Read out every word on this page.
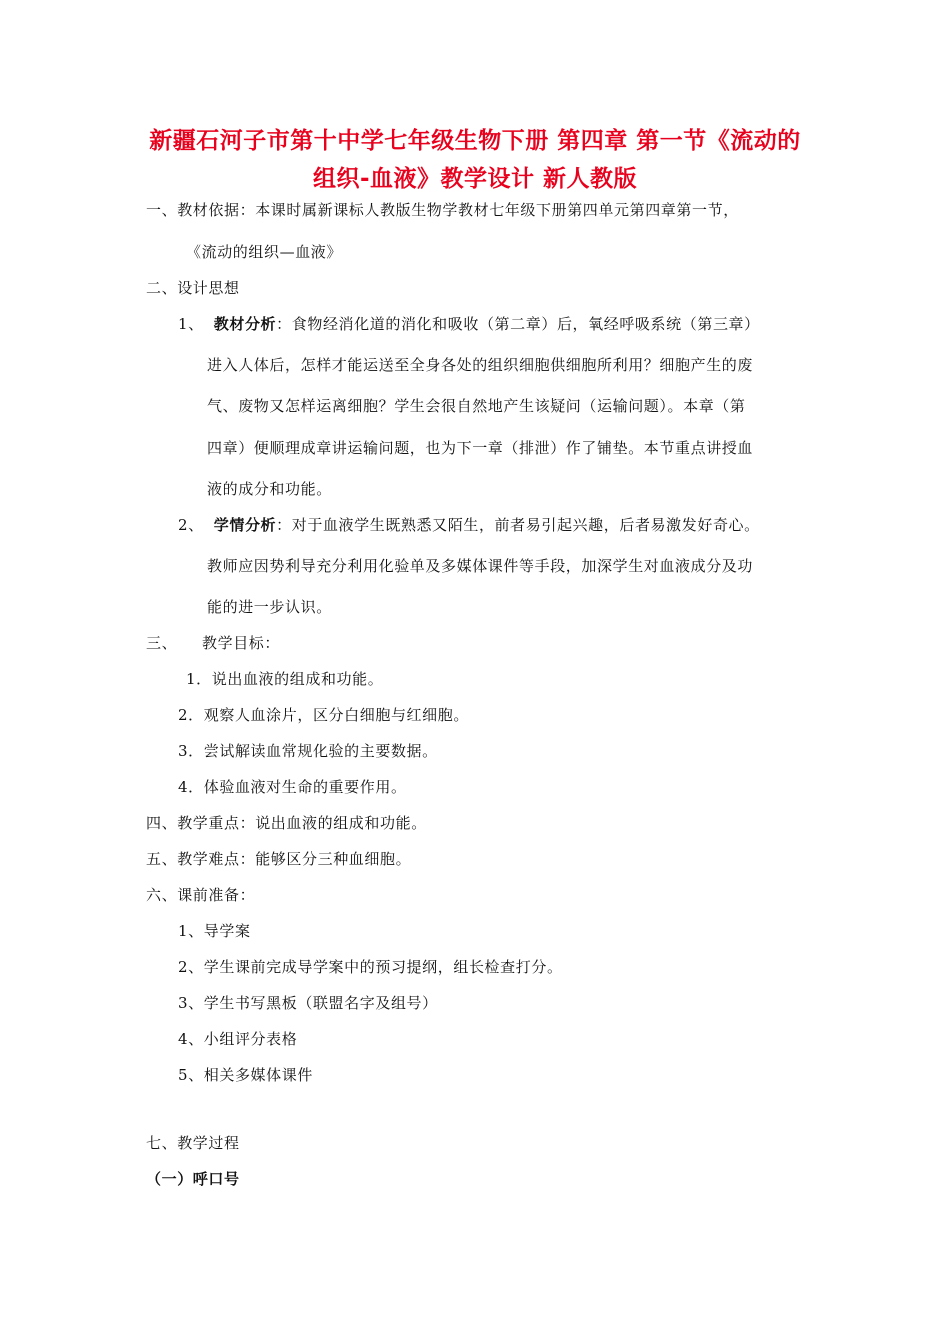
新疆石河子市第十中学七年级生物下册 第四章 第一节《流动的
组织-血液》教学设计 新人教版
一、教材依据：本课时属新课标人教版生物学教材七年级下册第四单元第四章第一节，
《流动的组织—血液》
二、设计思想
1、 教材分析：食物经消化道的消化和吸收（第二章）后，氧经呼吸系统（第三章）
进入人体后，怎样才能运送至全身各处的组织细胞供细胞所利用？细胞产生的废
气、废物又怎样运离细胞？学生会很自然地产生该疑问（运输问题）。本章（第
四章）便顺理成章讲运输问题，也为下一章（排泄）作了铺垫。本节重点讲授血
液的成分和功能。
2、 学情分析：对于血液学生既熟悉又陌生，前者易引起兴趣，后者易激发好奇心。
教师应因势利导充分利用化验单及多媒体课件等手段，加深学生对血液成分及功
能的进一步认识。
三、 教学目标：
1．说出血液的组成和功能。
2．观察人血涂片，区分白细胞与红细胞。
3．尝试解读血常规化验的主要数据。
4．体验血液对生命的重要作用。
四、教学重点：说出血液的组成和功能。
五、教学难点：能够区分三种血细胞。
六、课前准备：
1、导学案
2、学生课前完成导学案中的预习提纲，组长检查打分。
3、学生书写黑板（联盟名字及组号）
4、小组评分表格
5、相关多媒体课件
七、教学过程
（一）呼口号
